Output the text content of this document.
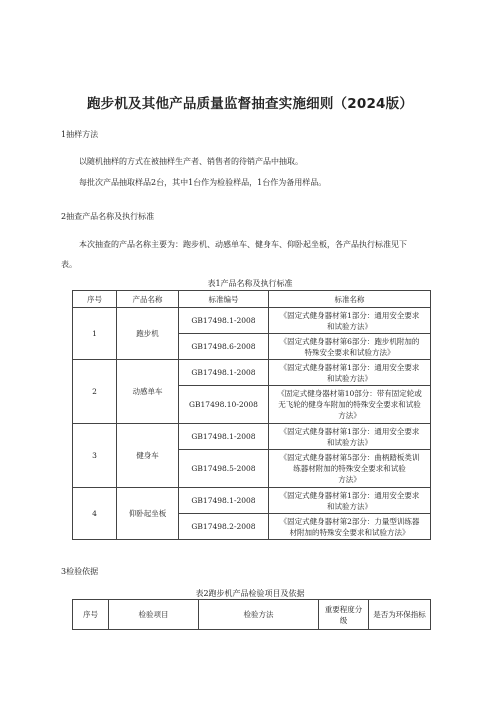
跑步机及其他产品质量监督抽查实施细则（2024版）
1抽样方法
以随机抽样的方式在被抽样生产者、销售者的待销产品中抽取。
每批次产品抽取样品2台，其中1台作为检验样品，1台作为备用样品。
2抽查产品名称及执行标准
本次抽查的产品名称主要为：跑步机、动感单车、健身车、仰卧起坐板，各产品执行标准见下
表。
表1产品名称及执行标准
序号	产品名称	标准编号	标准名称
1	跑步机	GB17498.1-2008	《固定式健身器材第1部分：通用安全要求
和试验方法》
		GB17498.6-2008	《固定式健身器材第6部分：跑步机附加的
特殊安全要求和试验方法》
2	动感单车	GB17498.1-2008	《固定式健身器材第1部分：通用安全要求
和试验方法》
		GB17498.10-2008	《固定式健身器材第10部分：带有固定轮或
无飞轮的健身车附加的特殊安全要求和试验
方法》
3	健身车	GB17498.1-2008	《固定式健身器材第1部分：通用安全要求
和试验方法》
		GB17498.5-2008	《固定式健身器材第5部分：曲柄踏板类训
练器材附加的特殊安全要求和试验
方法》
4	仰卧起坐板	GB17498.1-2008	《固定式健身器材第1部分：通用安全要求
和试验方法》
		GB17498.2-2008	《固定式健身器材第2部分：力量型训练器
材附加的特殊安全要求和试验方法》
3检验依据
表2跑步机产品检验项目及依据
序号	检验项目	检验方法	重要程度分级	是否为环保指标
